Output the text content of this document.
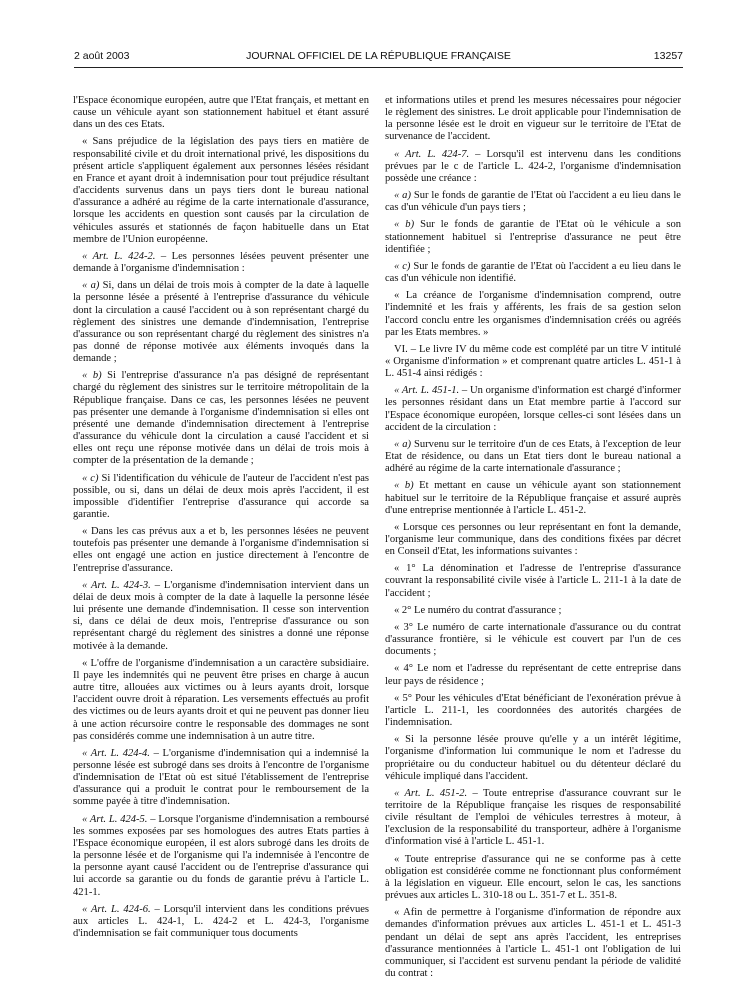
2 août 2003	JOURNAL OFFICIEL DE LA RÉPUBLIQUE FRANÇAISE	13257

l'Espace économique européen, autre que l'Etat français, et mettant en cause un véhicule ayant son stationnement habituel et étant assuré dans un des ces Etats.

« Sans préjudice de la législation des pays tiers en matière de responsabilité civile et du droit international privé, les dispositions du présent article s'appliquent également aux personnes lésées résidant en France et ayant droit à indemnisation pour tout préjudice résultant d'accidents survenus dans un pays tiers dont le bureau national d'assurance a adhéré au régime de la carte internationale d'assurance, lorsque les accidents en question sont causés par la circulation de véhicules assurés et stationnés de façon habituelle dans un Etat membre de l'Union européenne.

« Art. L. 424-2. – Les personnes lésées peuvent présenter une demande à l'organisme d'indemnisation :

« a) Si, dans un délai de trois mois à compter de la date à laquelle la personne lésée a présenté à l'entreprise d'assurance du véhicule dont la circulation a causé l'accident ou à son représentant chargé du règlement des sinistres une demande d'indemnisation, l'entreprise d'assurance ou son représentant chargé du règlement des sinistres n'a pas donné de réponse motivée aux éléments invoqués dans la demande ;

« b) Si l'entreprise d'assurance n'a pas désigné de représentant chargé du règlement des sinistres sur le territoire métropolitain de la République française. Dans ce cas, les personnes lésées ne peuvent pas présenter une demande à l'organisme d'indemnisation si elles ont présenté une demande d'indemnisation directement à l'entreprise d'assurance du véhicule dont la circulation a causé l'accident et si elles ont reçu une réponse motivée dans un délai de trois mois à compter de la présentation de la demande ;

« c) Si l'identification du véhicule de l'auteur de l'accident n'est pas possible, ou si, dans un délai de deux mois après l'accident, il est impossible d'identifier l'entreprise d'assurance qui accorde sa garantie.

« Dans les cas prévus aux a et b, les personnes lésées ne peuvent toutefois pas présenter une demande à l'organisme d'indemnisation si elles ont engagé une action en justice directement à l'encontre de l'entreprise d'assurance.

« Art. L. 424-3. – L'organisme d'indemnisation intervient dans un délai de deux mois à compter de la date à laquelle la personne lésée lui présente une demande d'indemnisation. Il cesse son intervention si, dans ce délai de deux mois, l'entreprise d'assurance ou son représentant chargé du règlement des sinistres a donné une réponse motivée à la demande.

« L'offre de l'organisme d'indemnisation a un caractère subsidiaire. Il paye les indemnités qui ne peuvent être prises en charge à aucun autre titre, allouées aux victimes ou à leurs ayants droit, lorsque l'accident ouvre droit à réparation. Les versements effectués au profit des victimes ou de leurs ayants droit et qui ne peuvent pas donner lieu à une action récursoire contre le responsable des dommages ne sont pas considérés comme une indemnisation à un autre titre.

« Art. L. 424-4. – L'organisme d'indemnisation qui a indemnisé la personne lésée est subrogé dans ses droits à l'encontre de l'organisme d'indemnisation de l'Etat où est situé l'établissement de l'entreprise d'assurance qui a produit le contrat pour le remboursement de la somme payée à titre d'indemnisation.

« Art. L. 424-5. – Lorsque l'organisme d'indemnisation a remboursé les sommes exposées par ses homologues des autres Etats parties à l'Espace économique européen, il est alors subrogé dans les droits de la personne lésée et de l'organisme qui l'a indemnisée à l'encontre de la personne ayant causé l'accident ou de l'entreprise d'assurance qui lui accorde sa garantie ou du fonds de garantie prévu à l'article L. 421-1.

« Art. L. 424-6. – Lorsqu'il intervient dans les conditions prévues aux articles L. 424-1, L. 424-2 et L. 424-3, l'organisme d'indemnisation se fait communiquer tous documents

et informations utiles et prend les mesures nécessaires pour négocier le règlement des sinistres. Le droit applicable pour l'indemnisation de la personne lésée est le droit en vigueur sur le territoire de l'Etat de survenance de l'accident.

« Art. L. 424-7. – Lorsqu'il est intervenu dans les conditions prévues par le c de l'article L. 424-2, l'organisme d'indemnisation possède une créance :

« a) Sur le fonds de garantie de l'Etat où l'accident a eu lieu dans le cas d'un véhicule d'un pays tiers ;

« b) Sur le fonds de garantie de l'Etat où le véhicule a son stationnement habituel si l'entreprise d'assurance ne peut être identifiée ;

« c) Sur le fonds de garantie de l'Etat où l'accident a eu lieu dans le cas d'un véhicule non identifié.

« La créance de l'organisme d'indemnisation comprend, outre l'indemnité et les frais y afférents, les frais de sa gestion selon l'accord conclu entre les organismes d'indemnisation créés ou agréés par les Etats membres. »

VI. – Le livre IV du même code est complété par un titre V intitulé « Organisme d'information » et comprenant quatre articles L. 451-1 à L. 451-4 ainsi rédigés :

« Art. L. 451-1. – Un organisme d'information est chargé d'informer les personnes résidant dans un Etat membre partie à l'accord sur l'Espace économique européen, lorsque celles-ci sont lésées dans un accident de la circulation :

« a) Survenu sur le territoire d'un de ces Etats, à l'exception de leur Etat de résidence, ou dans un Etat tiers dont le bureau national a adhéré au régime de la carte internationale d'assurance ;

« b) Et mettant en cause un véhicule ayant son stationnement habituel sur le territoire de la République française et assuré auprès d'une entreprise mentionnée à l'article L. 451-2.

« Lorsque ces personnes ou leur représentant en font la demande, l'organisme leur communique, dans des conditions fixées par décret en Conseil d'Etat, les informations suivantes :

« 1° La dénomination et l'adresse de l'entreprise d'assurance couvrant la responsabilité civile visée à l'article L. 211-1 à la date de l'accident ;

« 2° Le numéro du contrat d'assurance ;

« 3° Le numéro de carte internationale d'assurance ou du contrat d'assurance frontière, si le véhicule est couvert par l'un de ces documents ;

« 4° Le nom et l'adresse du représentant de cette entreprise dans leur pays de résidence ;

« 5° Pour les véhicules d'Etat bénéficiant de l'exonération prévue à l'article L. 211-1, les coordonnées des autorités chargées de l'indemnisation.

« Si la personne lésée prouve qu'elle y a un intérêt légitime, l'organisme d'information lui communique le nom et l'adresse du propriétaire ou du conducteur habituel ou du détenteur déclaré du véhicule impliqué dans l'accident.

« Art. L. 451-2. – Toute entreprise d'assurance couvrant sur le territoire de la République française les risques de responsabilité civile résultant de l'emploi de véhicules terrestres à moteur, à l'exclusion de la responsabilité du transporteur, adhère à l'organisme d'information visé à l'article L. 451-1.

« Toute entreprise d'assurance qui ne se conforme pas à cette obligation est considérée comme ne fonctionnant plus conformément à la législation en vigueur. Elle encourt, selon le cas, les sanctions prévues aux articles L. 310-18 ou L. 351-7 et L. 351-8.

« Afin de permettre à l'organisme d'information de répondre aux demandes d'information prévues aux articles L. 451-1 et L. 451-3 pendant un délai de sept ans après l'accident, les entreprises d'assurance mentionnées à l'article L. 451-1 ont l'obligation de lui communiquer, si l'accident est survenu pendant la période de validité du contrat :
